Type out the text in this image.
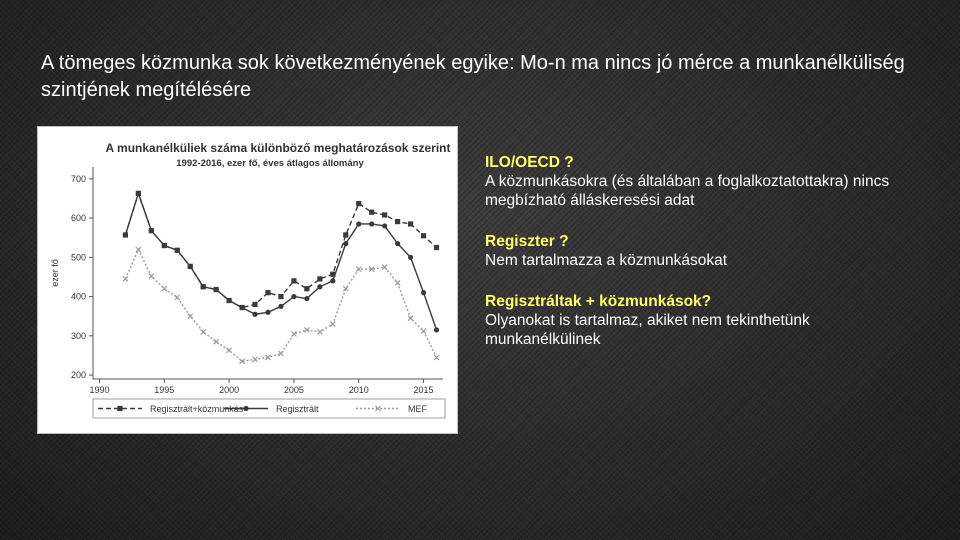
A tömeges közmunka sok következményének egyike: Mo-n ma nincs jó mérce a munkanélküliség szintjének megítélésére
A munkanélküliek száma különböző meghatározások szerint
1992-2016, ezer fő, éves átlagos állomány
ezer fő
200
300
400
500
600
700
1990	1995	2000	2005	2010	2015
Regisztrált+közmunkás	Regisztrált	MEF
ILO/OECD ?
A közmunkásokra (és általában a foglalkoztatottakra) nincs megbízható álláskeresési adat
Regiszter ?
Nem tartalmazza a közmunkásokat
Regisztráltak + közmunkások?
Olyanokat is tartalmaz, akiket nem tekinthetünk munkanélkülinek
